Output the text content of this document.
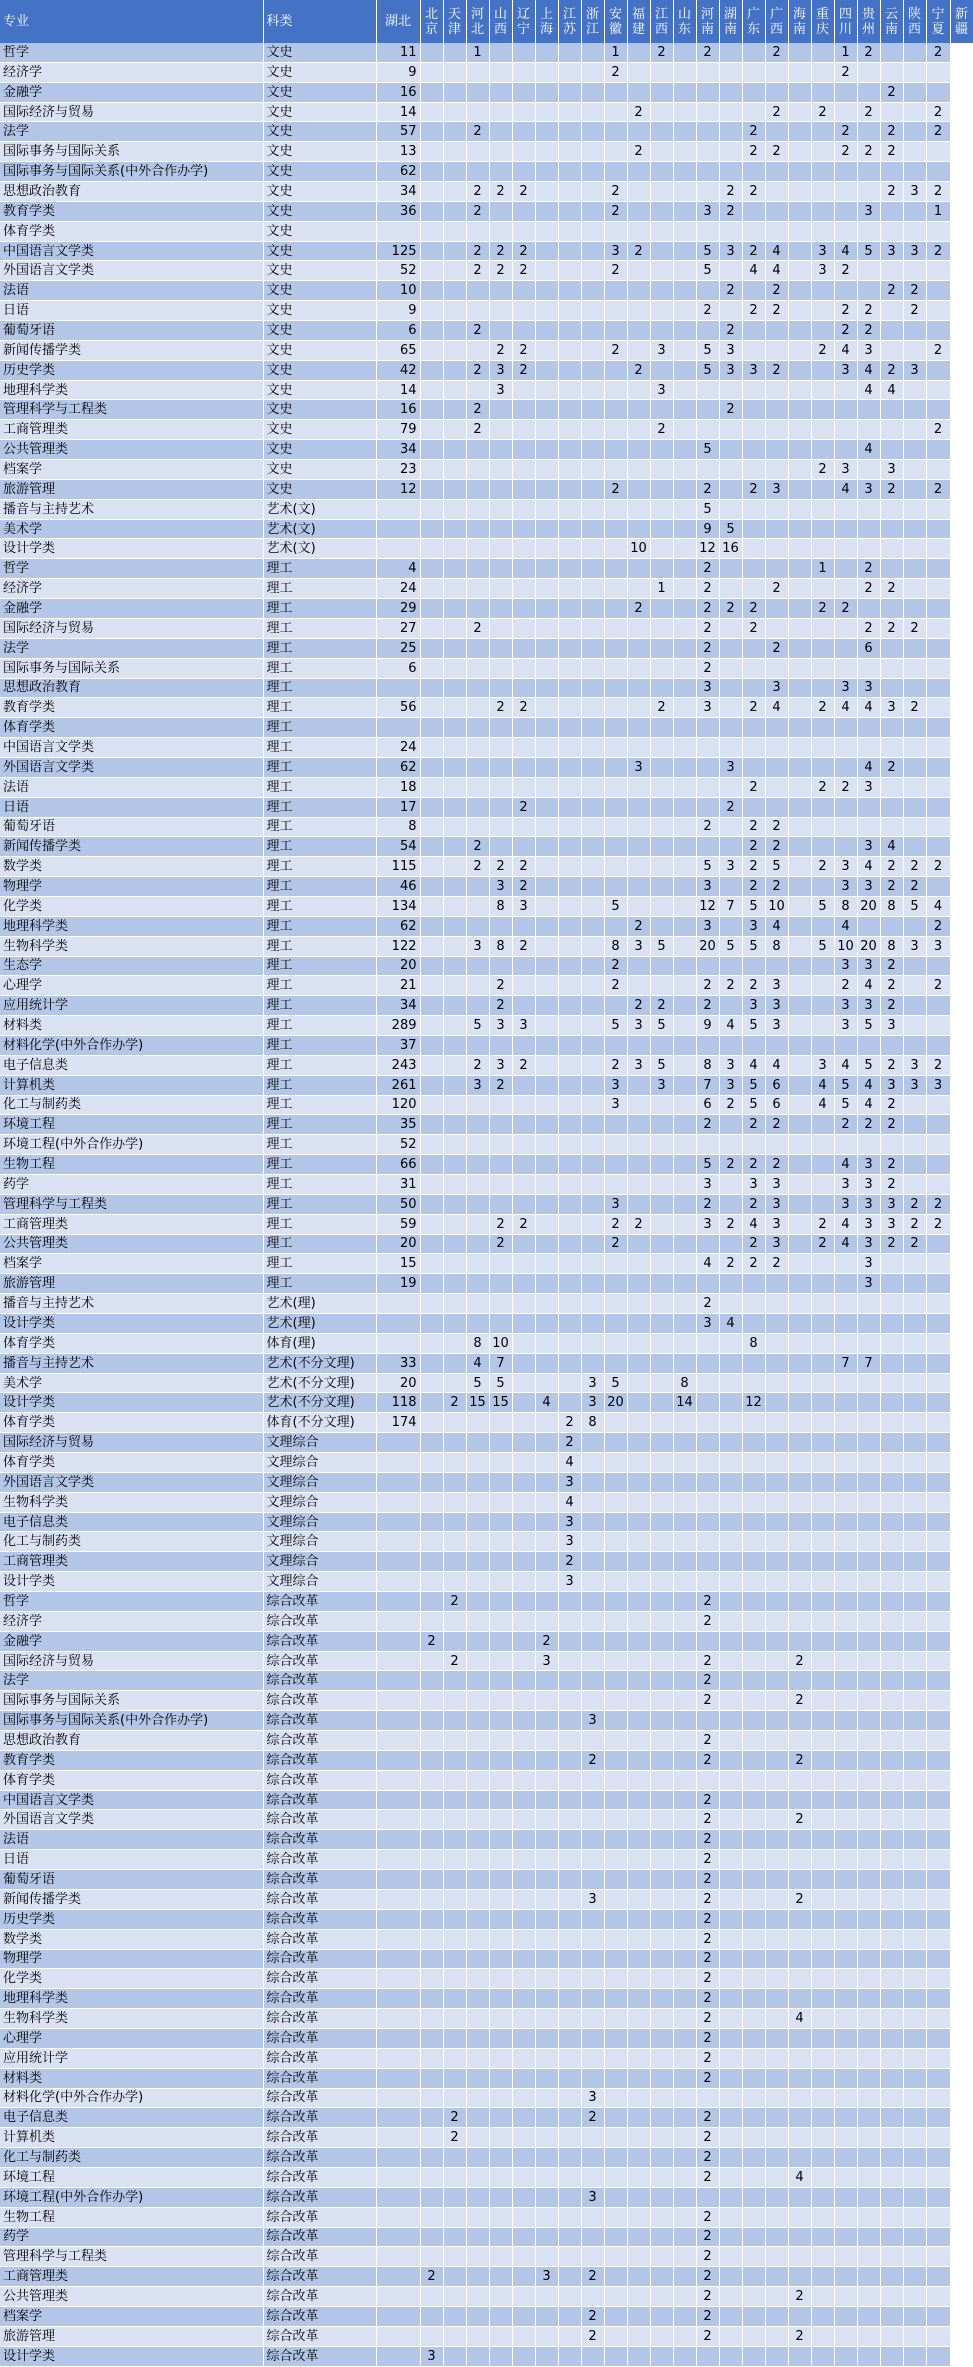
专业	科类	湖北	北京	天津	河北	山西	辽宁	上海	江苏	浙江	安徽	福建	江西	山东	河南	湖南	广东	广西	海南	重庆	四川	贵州	云南	陕西	宁夏	新疆
哲学	文史	11			1						1		2		2			2			1	2			2	
经济学	文史	9									2										2					
金融学	文史	16																					2			
国际经济与贸易	文史	14										2						2		2		2			2	
法学	文史	57			2												2				2		2		2	
国际事务与国际关系	文史	13										2					2	2			2	2	2			
国际事务与国际关系(中外合作办学)	文史	62																								
思想政治教育	文史	34			2	2	2				2					2	2						2	3	2	
教育学类	文史	36			2						2				3	2						3			1	
体育学类	文史																									
中国语言文学类	文史	125			2	2	2				3	2			5	3	2	4		3	4	5	3	3	2	
外国语言文学类	文史	52			2	2	2				2				5		4	4		3	2					
法语	文史	10														2		2					2	2		
日语	文史	9													2		2	2			2	2		2		
葡萄牙语	文史	6			2											2					2	2				
新闻传播学类	文史	65				2	2				2		3		5	3				2	4	3			2	
历史学类	文史	42			2	3	2					2			5	3	3	2			3	4	2	3		
地理科学类	文史	14				3							3									4	4			
管理科学与工程类	文史	16			2											2										
工商管理类	文史	79			2								2												2	
公共管理类	文史	34													5							4				
档案学	文史	23																		2	3		3			
旅游管理	文史	12									2				2		2	3			4	3	2		2	
播音与主持艺术	艺术(文)														5											
美术学	艺术(文)														9	5										
设计学类	艺术(文)											10			12	16										
哲学	理工	4													2					1		2				
经济学	理工	24											1		2			2				2	2			
金融学	理工	29										2			2	2	2			2	2					
国际经济与贸易	理工	27			2										2		2					2	2	2		
法学	理工	25													2			2				6				
国际事务与国际关系	理工	6													2											
思想政治教育	理工														3			3			3	3				
教育学类	理工	56				2	2						2		3		2	4		2	4	4	3	2		
体育学类	理工																									
中国语言文学类	理工	24																								
外国语言文学类	理工	62										3				3						4	2			
法语	理工	18															2			2	2	3				
日语	理工	17					2									2										
葡萄牙语	理工	8													2		2	2								
新闻传播学类	理工	54			2												2	2				3	4			
数学类	理工	115			2	2	2								5	3	2	5		2	3	4	2	2	2	
物理学	理工	46				3	2								3		2	2			3	3	2	2		
化学类	理工	134				8	3				5				12	7	5	10		5	8	20	8	5	4	
地理科学类	理工	62										2			3		3	4			4				2	
生物科学类	理工	122			3	8	2				8	3	5		20	5	5	8		5	10	20	8	3	3	
生态学	理工	20									2										3	3	2			
心理学	理工	21				2					2				2	2	2	3			2	4	2		2	
应用统计学	理工	34				2						2	2		2		3	3			3	3	2			
材料类	理工	289			5	3	3				5	3	5		9	4	5	3			3	5	3			
材料化学(中外合作办学)	理工	37																								
电子信息类	理工	243			2	3	2				2	3	5		8	3	4	4		3	4	5	2	3	2	
计算机类	理工	261			3	2					3		3		7	3	5	6		4	5	4	3	3	3	
化工与制药类	理工	120									3				6	2	5	6		4	5	4	2			
环境工程	理工	35													2		2	2			2	2	2			
环境工程(中外合作办学)	理工	52																								
生物工程	理工	66													5	2	2	2			4	3	2			
药学	理工	31													3		3	3			3	3	2			
管理科学与工程类	理工	50									3				2		2	3			3	3	3	2	2	
工商管理类	理工	59				2	2				2	2			3	2	4	3		2	4	3	3	2	2	
公共管理类	理工	20				2					2						2	3		2	4	3	2	2		
档案学	理工	15													4	2	2	2				3				
旅游管理	理工	19																				3				
播音与主持艺术	艺术(理)														2											
设计学类	艺术(理)														3	4										
体育学类	体育(理)				8	10											8									
播音与主持艺术	艺术(不分文理)	33			4	7															7	7				
美术学	艺术(不分文理)	20			5	5				3	5			8												
设计学类	艺术(不分文理)	118		2	15	15		4		3	20			14			12									
体育学类	体育(不分文理)	174							2	8																
国际经济与贸易	文理综合								2																	
体育学类	文理综合								4																	
外国语言文学类	文理综合								3																	
生物科学类	文理综合								4																	
电子信息类	文理综合								3																	
化工与制药类	文理综合								3																	
工商管理类	文理综合								2																	
设计学类	文理综合								3																	
哲学	综合改革			2											2											
经济学	综合改革														2											
金融学	综合改革		2					2																		
国际经济与贸易	综合改革			2				3							2				2							
法学	综合改革														2											
国际事务与国际关系	综合改革														2				2							
国际事务与国际关系(中外合作办学)	综合改革									3																
思想政治教育	综合改革														2											
教育学类	综合改革									2					2				2							
体育学类	综合改革																									
中国语言文学类	综合改革														2											
外国语言文学类	综合改革														2				2							
法语	综合改革														2											
日语	综合改革														2											
葡萄牙语	综合改革														2											
新闻传播学类	综合改革									3					2				2							
历史学类	综合改革														2											
数学类	综合改革														2											
物理学	综合改革														2											
化学类	综合改革														2											
地理科学类	综合改革														2											
生物科学类	综合改革														2				4							
心理学	综合改革														2											
应用统计学	综合改革														2											
材料类	综合改革														2											
材料化学(中外合作办学)	综合改革									3																
电子信息类	综合改革			2						2					2											
计算机类	综合改革			2											2											
化工与制药类	综合改革														2											
环境工程	综合改革														2				4							
环境工程(中外合作办学)	综合改革									3																
生物工程	综合改革														2											
药学	综合改革														2											
管理科学与工程类	综合改革														2											
工商管理类	综合改革		2					3		2					2											
公共管理类	综合改革														2				2							
档案学	综合改革									2					2											
旅游管理	综合改革									2					2				2							
设计学类	综合改革		3																							
